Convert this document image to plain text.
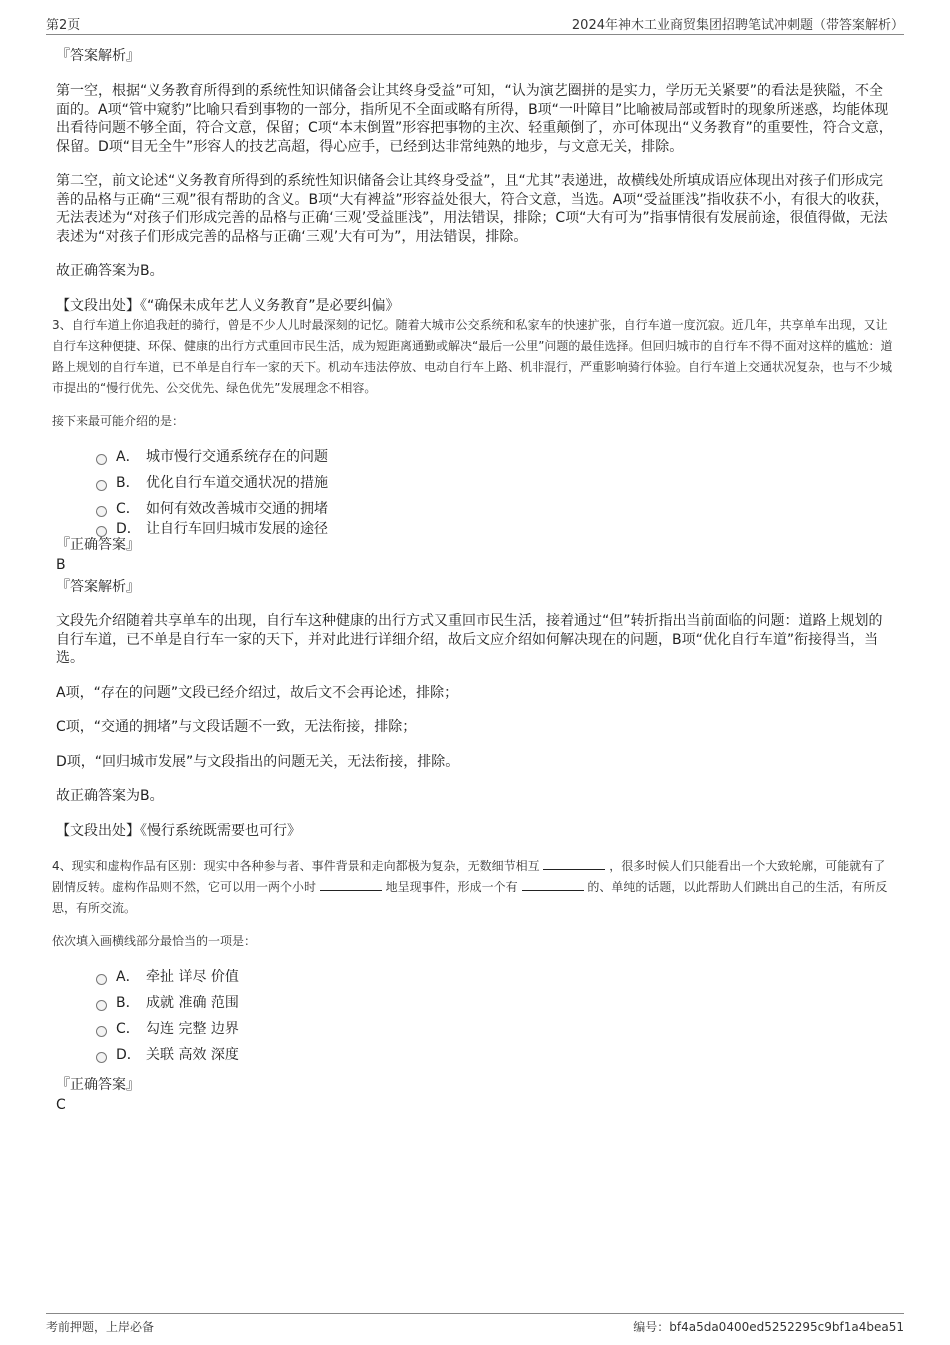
第2页	2024年神木工业商贸集团招聘笔试冲刺题（带答案解析）
『答案解析』

第一空，根据“义务教育所得到的系统性知识储备会让其终身受益”可知，“认为演艺圈拼的是实力，学历无关紧要”的看法是狭隘，不全面的。A项“管中窥豹”比喻只看到事物的一部分，指所见不全面或略有所得，B项“一叶障目”比喻被局部或暂时的现象所迷惑，均能体现出看待问题不够全面，符合文意，保留；C项“本末倒置”形容把事物的主次、轻重颠倒了，亦可体现出“义务教育”的重要性，符合文意，保留。D项“目无全牛”形容人的技艺高超，得心应手，已经到达非常纯熟的地步，与文意无关，排除。

第二空，前文论述“义务教育所得到的系统性知识储备会让其终身受益”，且“尤其”表递进，故横线处所填成语应体现出对孩子们形成完善的品格与正确“三观”很有帮助的含义。B项“大有裨益”形容益处很大，符合文意，当选。A项“受益匪浅”指收获不小，有很大的收获，无法表述为“对孩子们形成完善的品格与正确‘三观’受益匪浅”，用法错误，排除；C项“大有可为”指事情很有发展前途，很值得做，无法表述为“对孩子们形成完善的品格与正确‘三观’大有可为”，用法错误，排除。

故正确答案为B。

【文段出处】《“确保未成年艺人义务教育”是必要纠偏》

3、自行车道上你追我赶的骑行，曾是不少人儿时最深刻的记忆。随着大城市公交系统和私家车的快速扩张，自行车道一度沉寂。近几年，共享单车出现，又让自行车这种便捷、环保、健康的出行方式重回市民生活，成为短距离通勤或解决“最后一公里”问题的最佳选择。但回归城市的自行车不得不面对这样的尴尬：道路上规划的自行车道，已不单是自行车一家的天下。机动车违法停放、电动自行车上路、机非混行，严重影响骑行体验。自行车道上交通状况复杂，也与不少城市提出的“慢行优先、公交优先、绿色优先”发展理念不相容。

接下来最可能介绍的是：

A． 城市慢行交通系统存在的问题
B． 优化自行车道交通状况的措施
C． 如何有效改善城市交通的拥堵
D． 让自行车回归城市发展的途径
『正确答案』
B
『答案解析』

文段先介绍随着共享单车的出现，自行车这种健康的出行方式又重回市民生活，接着通过“但”转折指出当前面临的问题：道路上规划的自行车道，已不单是自行车一家的天下，并对此进行详细介绍，故后文应介绍如何解决现在的问题，B项“优化自行车道”衔接得当，当选。

A项，“存在的问题”文段已经介绍过，故后文不会再论述，排除；

C项，“交通的拥堵”与文段话题不一致，无法衔接，排除；

D项，“回归城市发展”与文段指出的问题无关，无法衔接，排除。

故正确答案为B。

【文段出处】《慢行系统既需要也可行》

4、现实和虚构作品有区别：现实中各种参与者、事件背景和走向都极为复杂，无数细节相互	，很多时候人们只能看出一个大致轮廓，可能就有了剧情反转。虚构作品则不然，它可以用一两个小时	地呈现事件，形成一个有	的、单纯的话题，以此帮助人们跳出自己的生活，有所反思，有所交流。

依次填入画横线部分最恰当的一项是：

A． 牵扯 详尽 价值
B． 成就 准确 范围
C． 勾连 完整 边界
D． 关联 高效 深度
『正确答案』
C
考前押题，上岸必备	编号：bf4a5da0400ed5252295c9bf1a4bea51
